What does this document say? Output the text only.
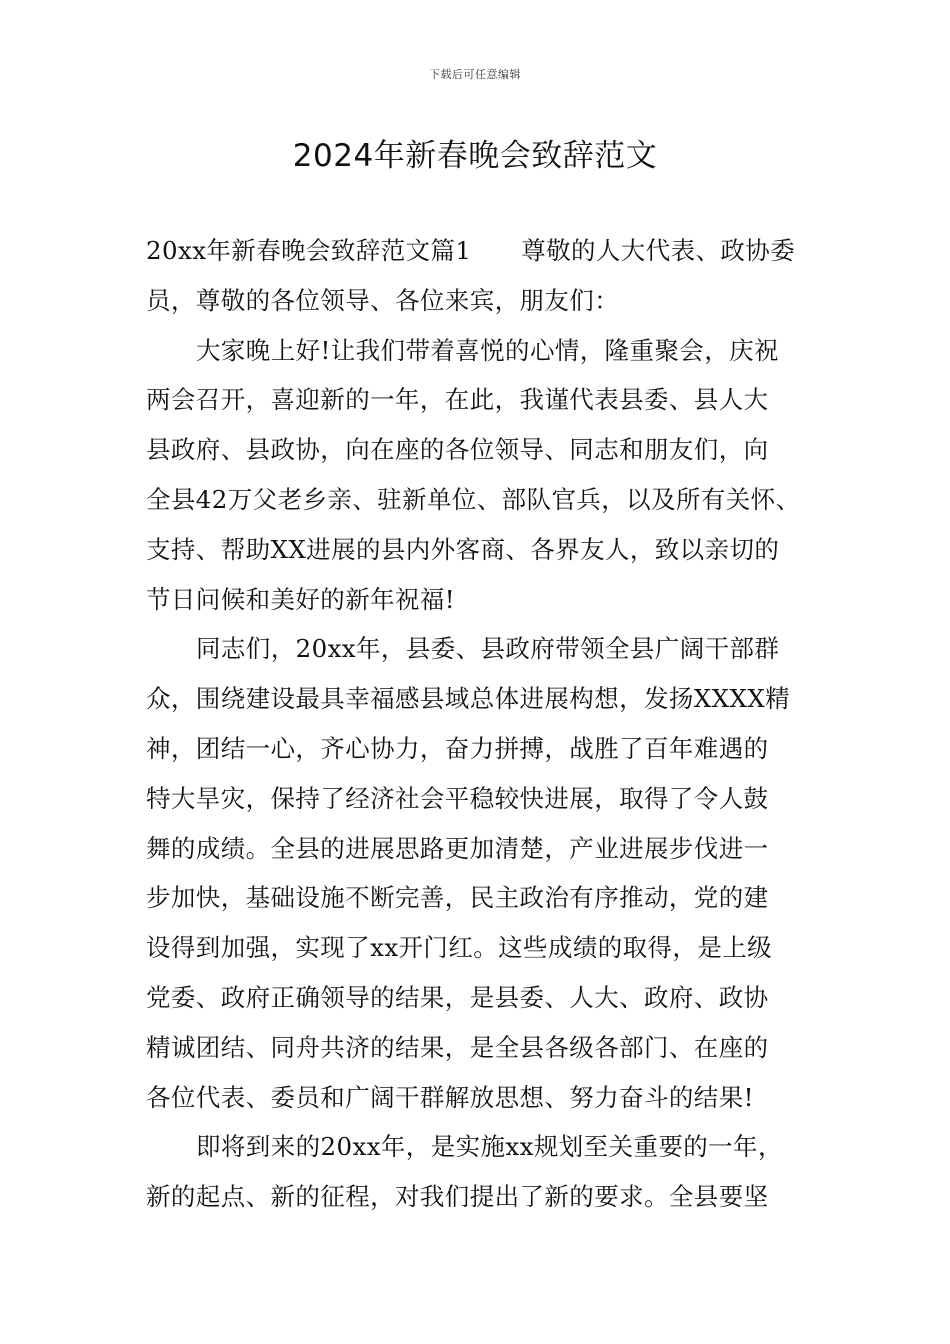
下载后可任意编辑
2024年新春晚会致辞范文
20xx年新春晚会致辞范文篇1　　尊敬的人大代表、政协委
员，尊敬的各位领导、各位来宾，朋友们：
大家晚上好!让我们带着喜悦的心情，隆重聚会，庆祝
两会召开，喜迎新的一年，在此，我谨代表县委、县人大
县政府、县政协，向在座的各位领导、同志和朋友们，向
全县42万父老乡亲、驻新单位、部队官兵，以及所有关怀、
支持、帮助XX进展的县内外客商、各界友人，致以亲切的
节日问候和美好的新年祝福!
同志们，20xx年，县委、县政府带领全县广阔干部群
众，围绕建设最具幸福感县域总体进展构想，发扬XXXX精
神，团结一心，齐心协力，奋力拼搏，战胜了百年难遇的
特大旱灾，保持了经济社会平稳较快进展，取得了令人鼓
舞的成绩。全县的进展思路更加清楚，产业进展步伐进一
步加快，基础设施不断完善，民主政治有序推动，党的建
设得到加强，实现了xx开门红。这些成绩的取得，是上级
党委、政府正确领导的结果，是县委、人大、政府、政协
精诚团结、同舟共济的结果，是全县各级各部门、在座的
各位代表、委员和广阔干群解放思想、努力奋斗的结果!
即将到来的20xx年，是实施xx规划至关重要的一年，
新的起点、新的征程，对我们提出了新的要求。全县要坚
